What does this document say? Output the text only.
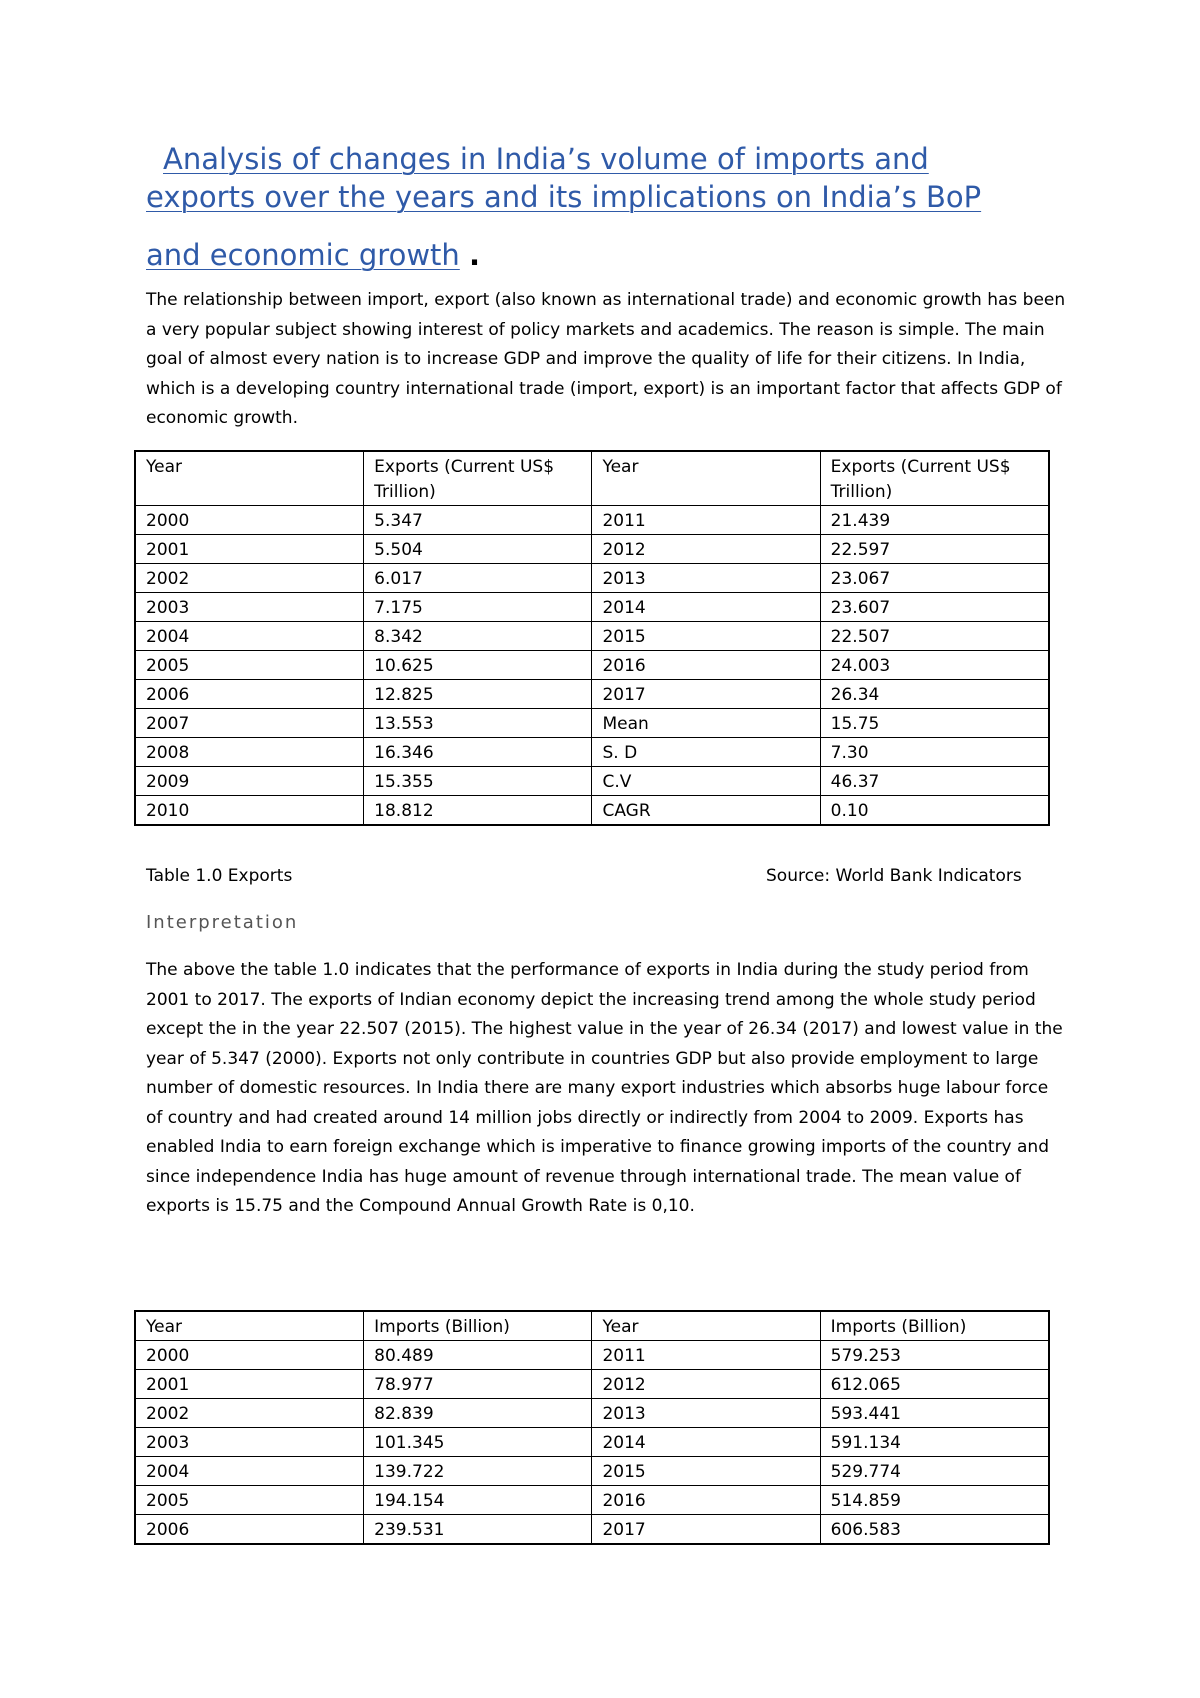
Analysis of changes in India’s volume of imports and
exports over the years and its implications on India’s BoP

and economic growth .
The relationship between import, export (also known as international trade) and economic growth has been a very popular subject showing interest of policy markets and academics. The reason is simple. The main goal of almost every nation is to increase GDP and improve the quality of life for their citizens. In India, which is a developing country international trade (import, export) is an important factor that affects GDP of economic growth.
Year	Exports (Current US$ Trillion)	Year	Exports (Current US$ Trillion)
2000	5.347	2011	21.439
2001	5.504	2012	22.597
2002	6.017	2013	23.067
2003	7.175	2014	23.607
2004	8.342	2015	22.507
2005	10.625	2016	24.003
2006	12.825	2017	26.34
2007	13.553	Mean	15.75
2008	16.346	S. D	7.30
2009	15.355	C.V	46.37
2010	18.812	CAGR	0.10
Table 1.0 Exports	Source: World Bank Indicators
Interpretation
The above the table 1.0 indicates that the performance of exports in India during the study period from 2001 to 2017. The exports of Indian economy depict the increasing trend among the whole study period except the in the year 22.507 (2015). The highest value in the year of 26.34 (2017) and lowest value in the year of 5.347 (2000). Exports not only contribute in countries GDP but also provide employment to large number of domestic resources. In India there are many export industries which absorbs huge labour force of country and had created around 14 million jobs directly or indirectly from 2004 to 2009. Exports has enabled India to earn foreign exchange which is imperative to finance growing imports of the country and since independence India has huge amount of revenue through international trade. The mean value of exports is 15.75 and the Compound Annual Growth Rate is 0,10.
Year	Imports (Billion)	Year	Imports (Billion)
2000	80.489	2011	579.253
2001	78.977	2012	612.065
2002	82.839	2013	593.441
2003	101.345	2014	591.134
2004	139.722	2015	529.774
2005	194.154	2016	514.859
2006	239.531	2017	606.583
